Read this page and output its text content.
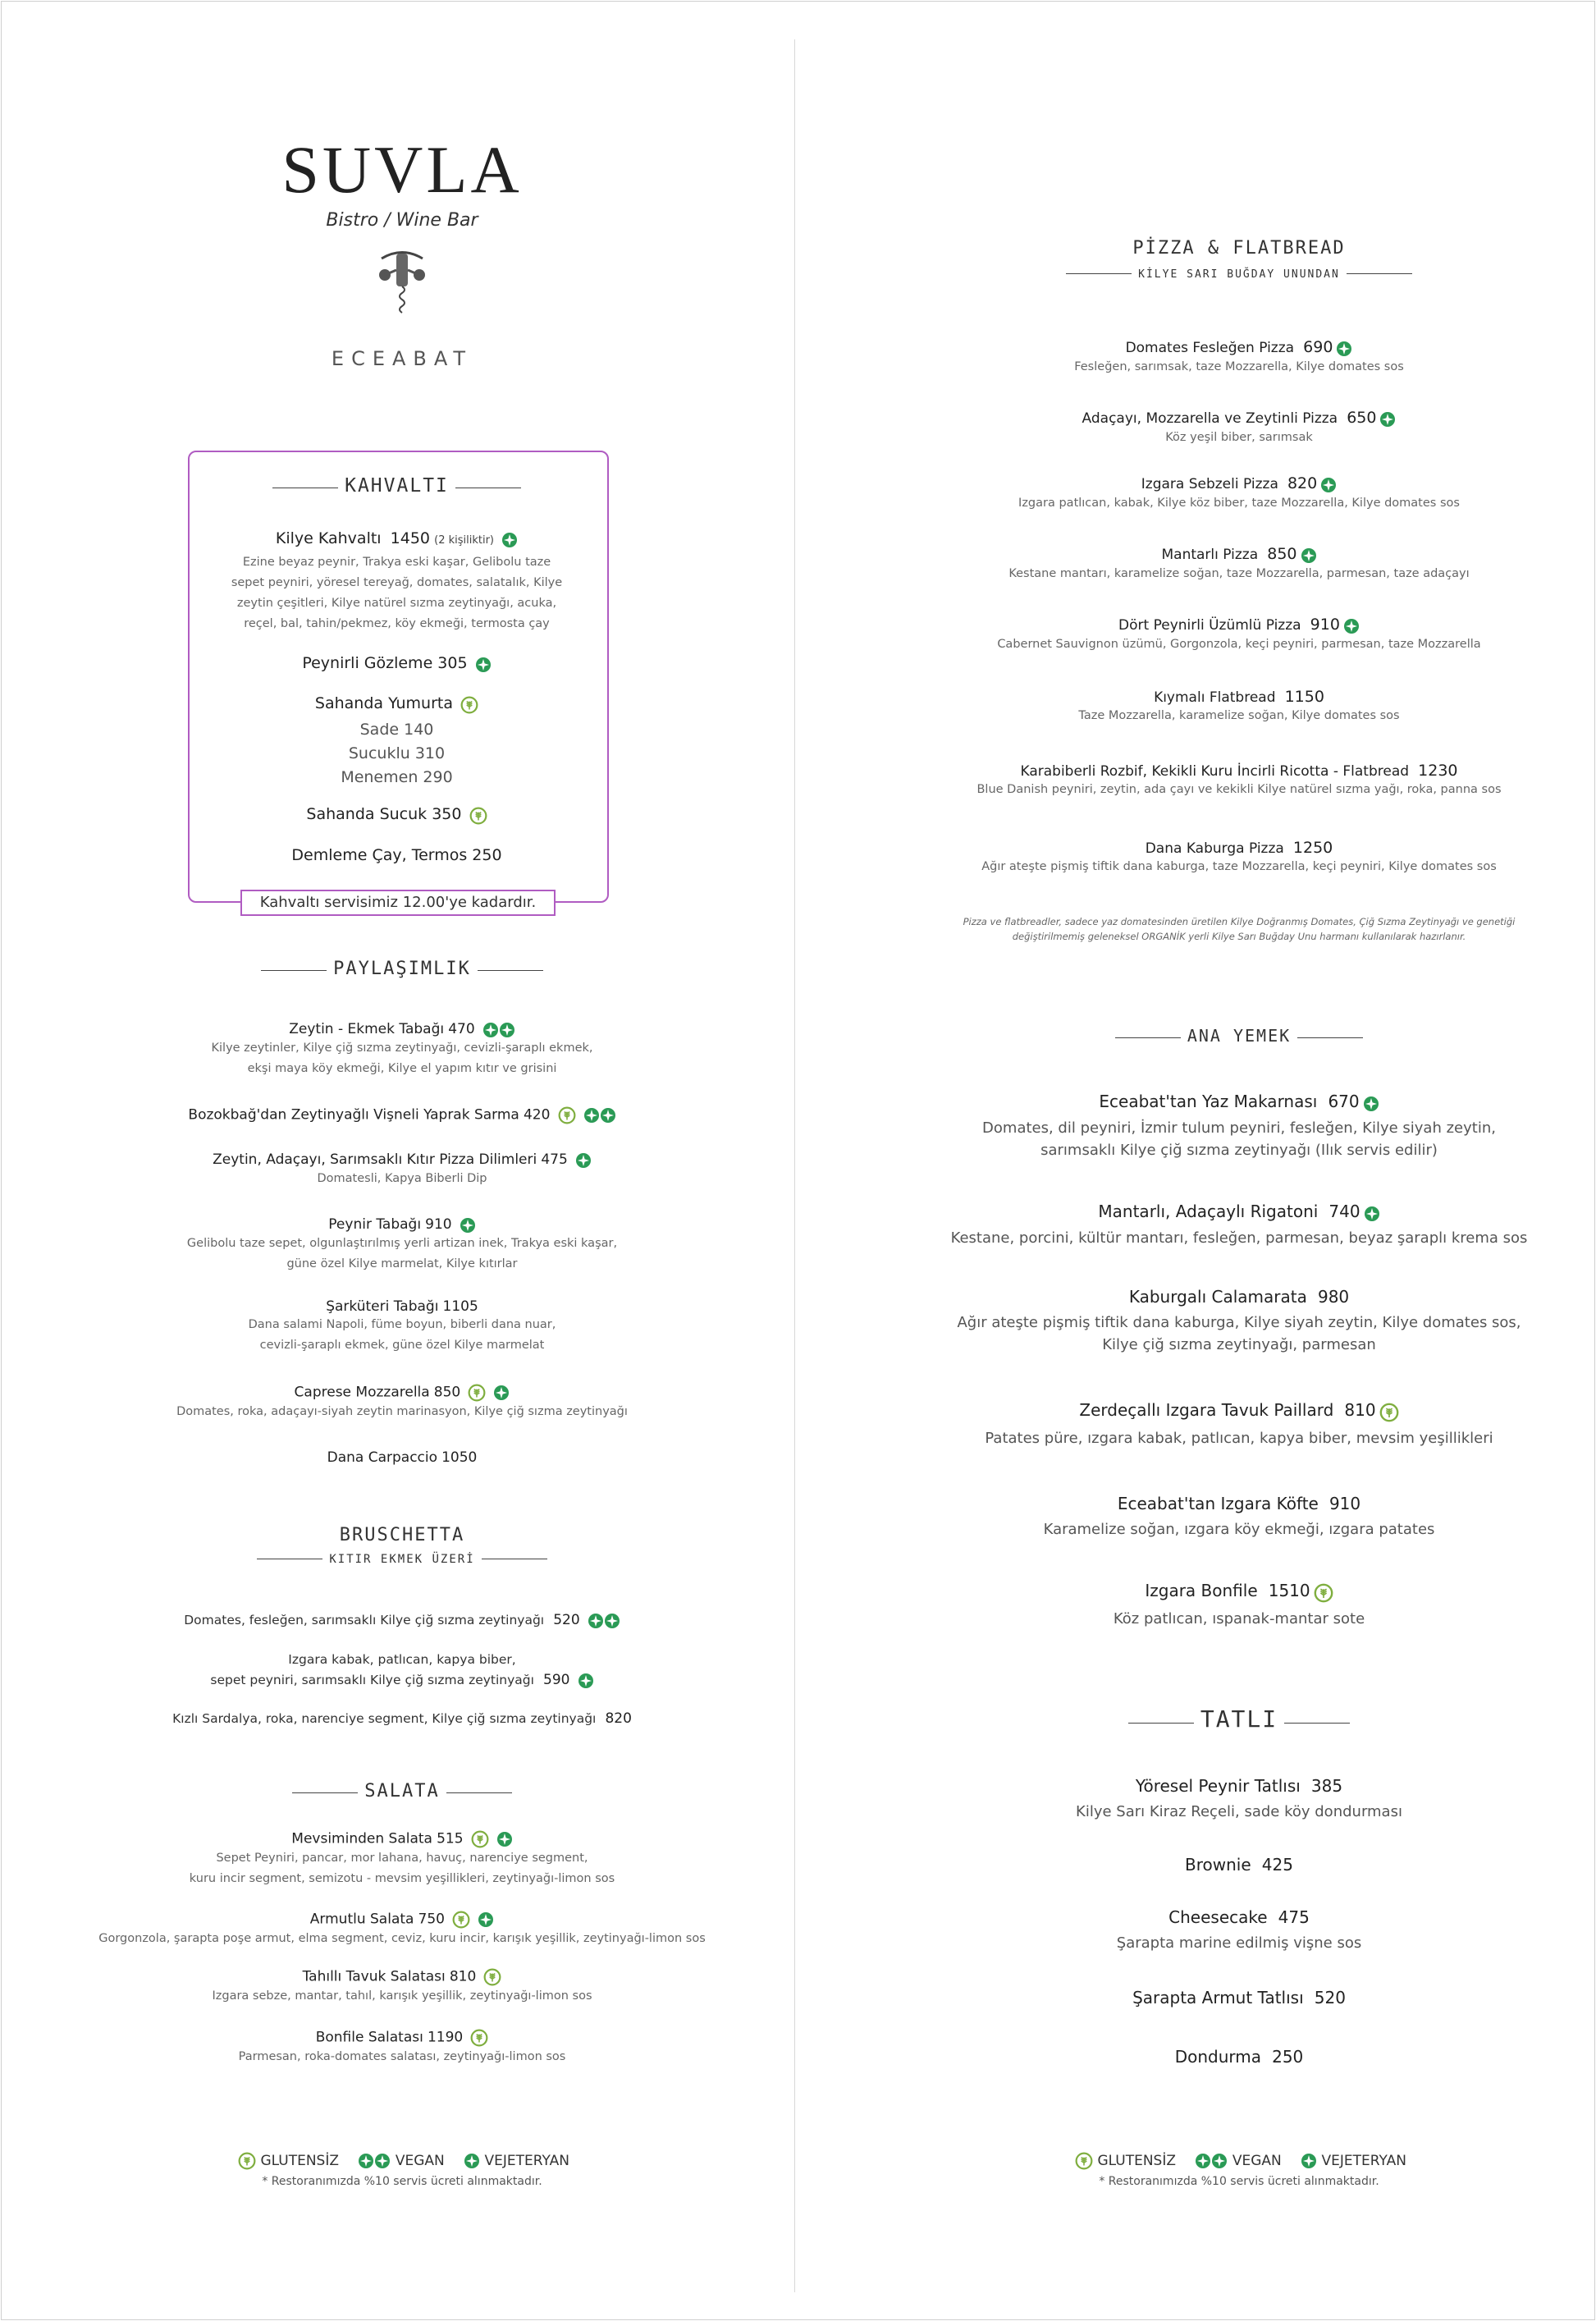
SUVLA
Bistro / Wine Bar
ECEABAT
KAHVALTI
Kilye Kahvaltı 1450 (2 kişiliktir)
Ezine beyaz peynir, Trakya eski kaşar, Gelibolu taze
sepet peyniri, yöresel tereyağ, domates, salatalık, Kilye
zeytin çeşitleri, Kilye natürel sızma zeytinyağı, acuka,
reçel, bal, tahin/pekmez, köy ekmeği, termosta çay
Peynirli Gözleme 305
Sahanda Yumurta
Sade 140
Sucuklu 310
Menemen 290
Sahanda Sucuk 350
Demleme Çay, Termos 250
Kahvaltı servisimiz 12.00'ye kadardır.
PAYLAŞIMLIK
Zeytin - Ekmek Tabağı 470
Kilye zeytinler, Kilye çiğ sızma zeytinyağı, cevizli-şaraplı ekmek,
ekşi maya köy ekmeği, Kilye el yapım kıtır ve grisini
Bozokbağ'dan Zeytinyağlı Vişneli Yaprak Sarma 420
Zeytin, Adaçayı, Sarımsaklı Kıtır Pizza Dilimleri 475
Domatesli, Kapya Biberli Dip
Peynir Tabağı 910
Gelibolu taze sepet, olgunlaştırılmış yerli artizan inek, Trakya eski kaşar,
güne özel Kilye marmelat, Kilye kıtırlar
Şarküteri Tabağı 1105
Dana salami Napoli, füme boyun, biberli dana nuar,
cevizli-şaraplı ekmek, güne özel Kilye marmelat
Caprese Mozzarella 850
Domates, roka, adaçayı-siyah zeytin marinasyon, Kilye çiğ sızma zeytinyağı
Dana Carpaccio 1050
BRUSCHETTA
KITIR EKMEK ÜZERİ
Domates, fesleğen, sarımsaklı Kilye çiğ sızma zeytinyağı 520
Izgara kabak, patlıcan, kapya biber,
sepet peyniri, sarımsaklı Kilye çiğ sızma zeytinyağı 590
Kızlı Sardalya, roka, narenciye segment, Kilye çiğ sızma zeytinyağı 820
SALATA
Mevsiminden Salata 515
Sepet Peyniri, pancar, mor lahana, havuç, narenciye segment,
kuru incir segment, semizotu - mevsim yeşillikleri, zeytinyağı-limon sos
Armutlu Salata 750
Gorgonzola, şarapta poşe armut, elma segment, ceviz, kuru incir, karışık yeşillik, zeytinyağı-limon sos
Tahıllı Tavuk Salatası 810
Izgara sebze, mantar, tahıl, karışık yeşillik, zeytinyağı-limon sos
Bonfile Salatası 1190
Parmesan, roka-domates salatası, zeytinyağı-limon sos
GLUTENSİZ	VEGAN	VEJETERYAN
* Restoranımızda %10 servis ücreti alınmaktadır.
PİZZA & FLATBREAD
KİLYE SARI BUĞDAY UNUNDAN
Domates Fesleğen Pizza 690
Fesleğen, sarımsak, taze Mozzarella, Kilye domates sos
Adaçayı, Mozzarella ve Zeytinli Pizza 650
Köz yeşil biber, sarımsak
Izgara Sebzeli Pizza 820
Izgara patlıcan, kabak, Kilye köz biber, taze Mozzarella, Kilye domates sos
Mantarlı Pizza 850
Kestane mantarı, karamelize soğan, taze Mozzarella, parmesan, taze adaçayı
Dört Peynirli Üzümlü Pizza 910
Cabernet Sauvignon üzümü, Gorgonzola, keçi peyniri, parmesan, taze Mozzarella
Kıymalı Flatbread 1150
Taze Mozzarella, karamelize soğan, Kilye domates sos
Karabiberli Rozbif, Kekikli Kuru İncirli Ricotta - Flatbread 1230
Blue Danish peyniri, zeytin, ada çayı ve kekikli Kilye natürel sızma yağı, roka, panna sos
Dana Kaburga Pizza 1250
Ağır ateşte pişmiş tiftik dana kaburga, taze Mozzarella, keçi peyniri, Kilye domates sos
Pizza ve flatbreadler, sadece yaz domatesinden üretilen Kilye Doğranmış Domates, Çiğ Sızma Zeytinyağı ve genetiği
değiştirilmemiş geleneksel ORGANİK yerli Kilye Sarı Buğday Unu harmanı kullanılarak hazırlanır.
ANA YEMEK
Eceabat'tan Yaz Makarnası 670
Domates, dil peyniri, İzmir tulum peyniri, fesleğen, Kilye siyah zeytin,
sarımsaklı Kilye çiğ sızma zeytinyağı (Ilık servis edilir)
Mantarlı, Adaçaylı Rigatoni 740
Kestane, porcini, kültür mantarı, fesleğen, parmesan, beyaz şaraplı krema sos
Kaburgalı Calamarata 980
Ağır ateşte pişmiş tiftik dana kaburga, Kilye siyah zeytin, Kilye domates sos,
Kilye çiğ sızma zeytinyağı, parmesan
Zerdeçallı Izgara Tavuk Paillard 810
Patates püre, ızgara kabak, patlıcan, kapya biber, mevsim yeşillikleri
Eceabat'tan Izgara Köfte 910
Karamelize soğan, ızgara köy ekmeği, ızgara patates
Izgara Bonfile 1510
Köz patlıcan, ıspanak-mantar sote
TATLI
Yöresel Peynir Tatlısı 385
Kilye Sarı Kiraz Reçeli, sade köy dondurması
Brownie 425
Cheesecake 475
Şarapta marine edilmiş vişne sos
Şarapta Armut Tatlısı 520
Dondurma 250
GLUTENSİZ	VEGAN	VEJETERYAN
* Restoranımızda %10 servis ücreti alınmaktadır.
